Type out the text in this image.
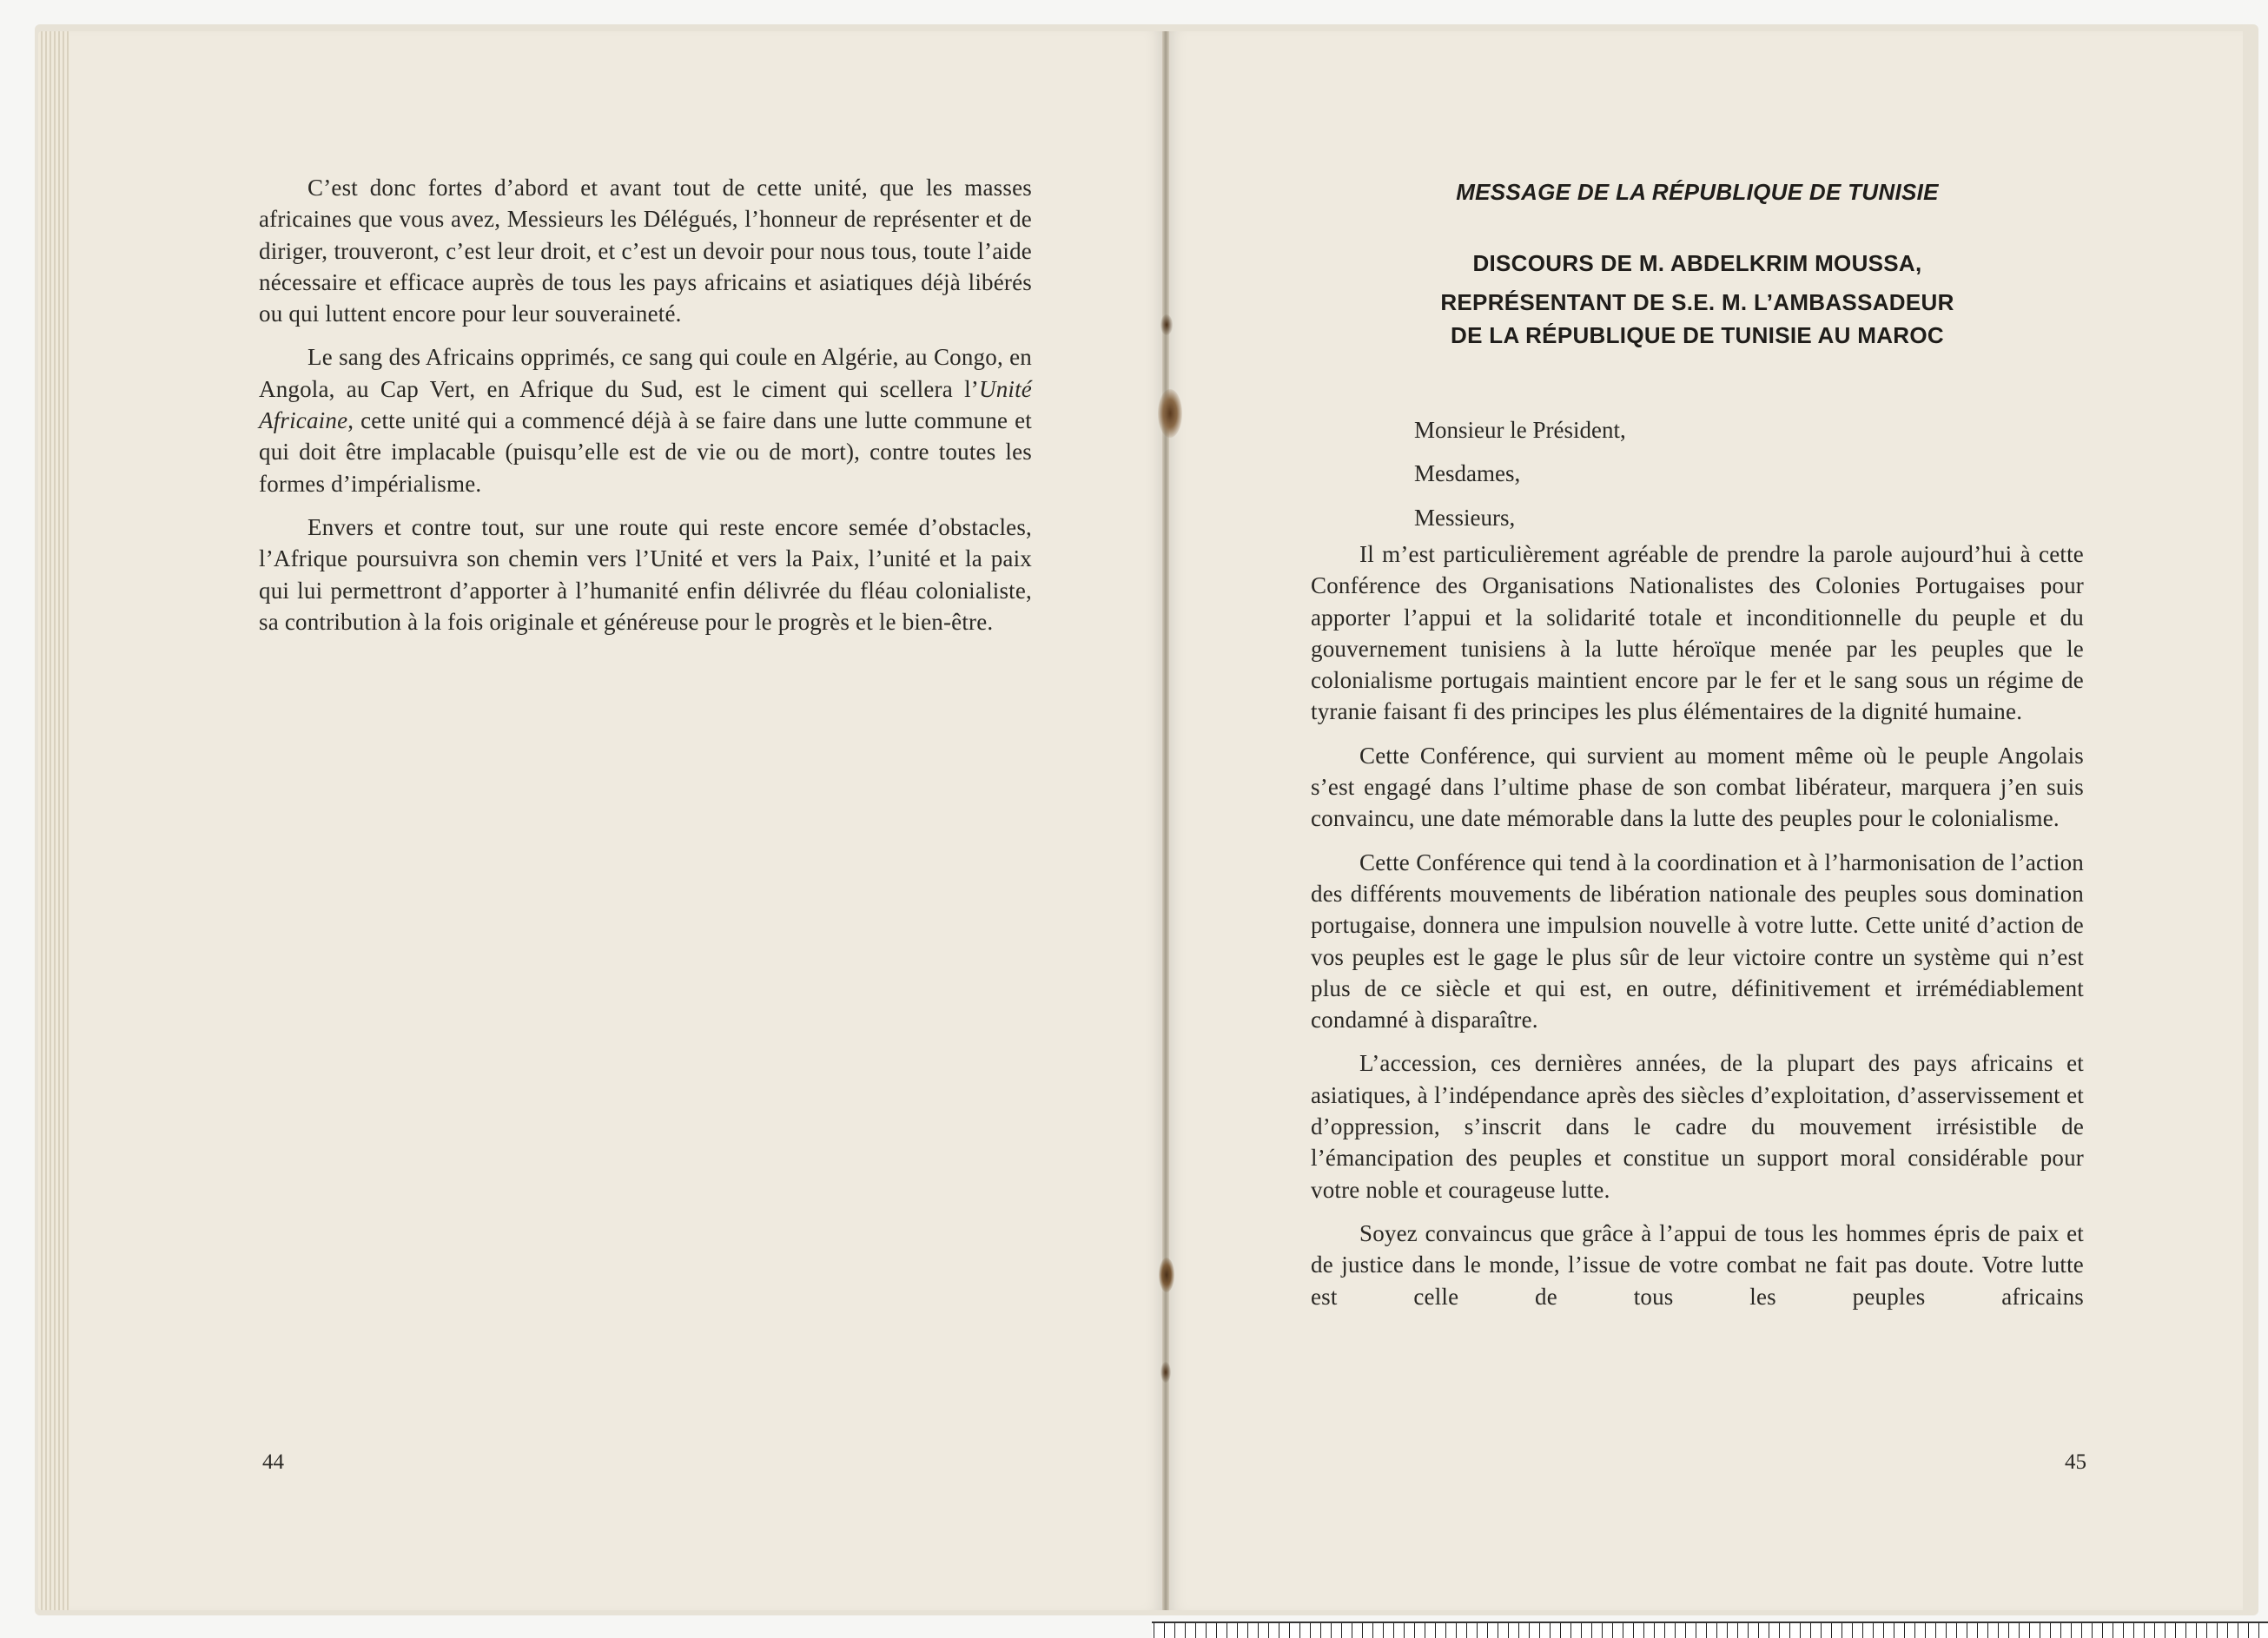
C’est donc fortes d’abord et avant tout de cette unité, que les masses africaines que vous avez, Messieurs les Délégués, l’honneur de représenter et de diriger, trouveront, c’est leur droit, et c’est un devoir pour nous tous, toute l’aide nécessaire et efficace auprès de tous les pays africains et asiatiques déjà libérés ou qui luttent encore pour leur souveraineté.

Le sang des Africains opprimés, ce sang qui coule en Algérie, au Congo, en Angola, au Cap Vert, en Afrique du Sud, est le ciment qui scellera l’Unité Africaine, cette unité qui a commencé déjà à se faire dans une lutte commune et qui doit être implacable (puisqu’elle est de vie ou de mort), contre toutes les formes d’impérialisme.

Envers et contre tout, sur une route qui reste encore semée d’obstacles, l’Afrique poursuivra son chemin vers l’Unité et vers la Paix, l’unité et la paix qui lui permettront d’apporter à l’humanité enfin délivrée du fléau colonialiste, sa contribution à la fois originale et généreuse pour le progrès et le bien-être.

44
MESSAGE DE LA RÉPUBLIQUE DE TUNISIE
DISCOURS DE M. ABDELKRIM MOUSSA,
REPRÉSENTANT DE S.E. M. L’AMBASSADEUR
DE LA RÉPUBLIQUE DE TUNISIE AU MAROC
Monsieur le Président,
Mesdames,
Messieurs,

Il m’est particulièrement agréable de prendre la parole aujourd’hui à cette Conférence des Organisations Nationalistes des Colonies Portugaises pour apporter l’appui et la solidarité totale et inconditionnelle du peuple et du gouvernement tunisiens à la lutte héroïque menée par les peuples que le colonialisme portugais maintient encore par le fer et le sang sous un régime de tyranie faisant fi des principes les plus élémentaires de la dignité humaine.

Cette Conférence, qui survient au moment même où le peuple Angolais s’est engagé dans l’ultime phase de son combat libérateur, marquera j’en suis convaincu, une date mémorable dans la lutte des peuples pour le colonialisme.

Cette Conférence qui tend à la coordination et à l’harmonisation de l’action des différents mouvements de libération nationale des peuples sous domination portugaise, donnera une impulsion nouvelle à votre lutte. Cette unité d’action de vos peuples est le gage le plus sûr de leur victoire contre un système qui n’est plus de ce siècle et qui est, en outre, définitivement et irrémédiablement condamné à disparaître.

L’accession, ces dernières années, de la plupart des pays africains et asiatiques, à l’indépendance après des siècles d’exploitation, d’asservissement et d’oppression, s’inscrit dans le cadre du mouvement irrésistible de l’émancipation des peuples et constitue un support moral considérable pour votre noble et courageuse lutte.

Soyez convaincus que grâce à l’appui de tous les hommes épris de paix et de justice dans le monde, l’issue de votre combat ne fait pas doute. Votre lutte est celle de tous les peuples africains

45
